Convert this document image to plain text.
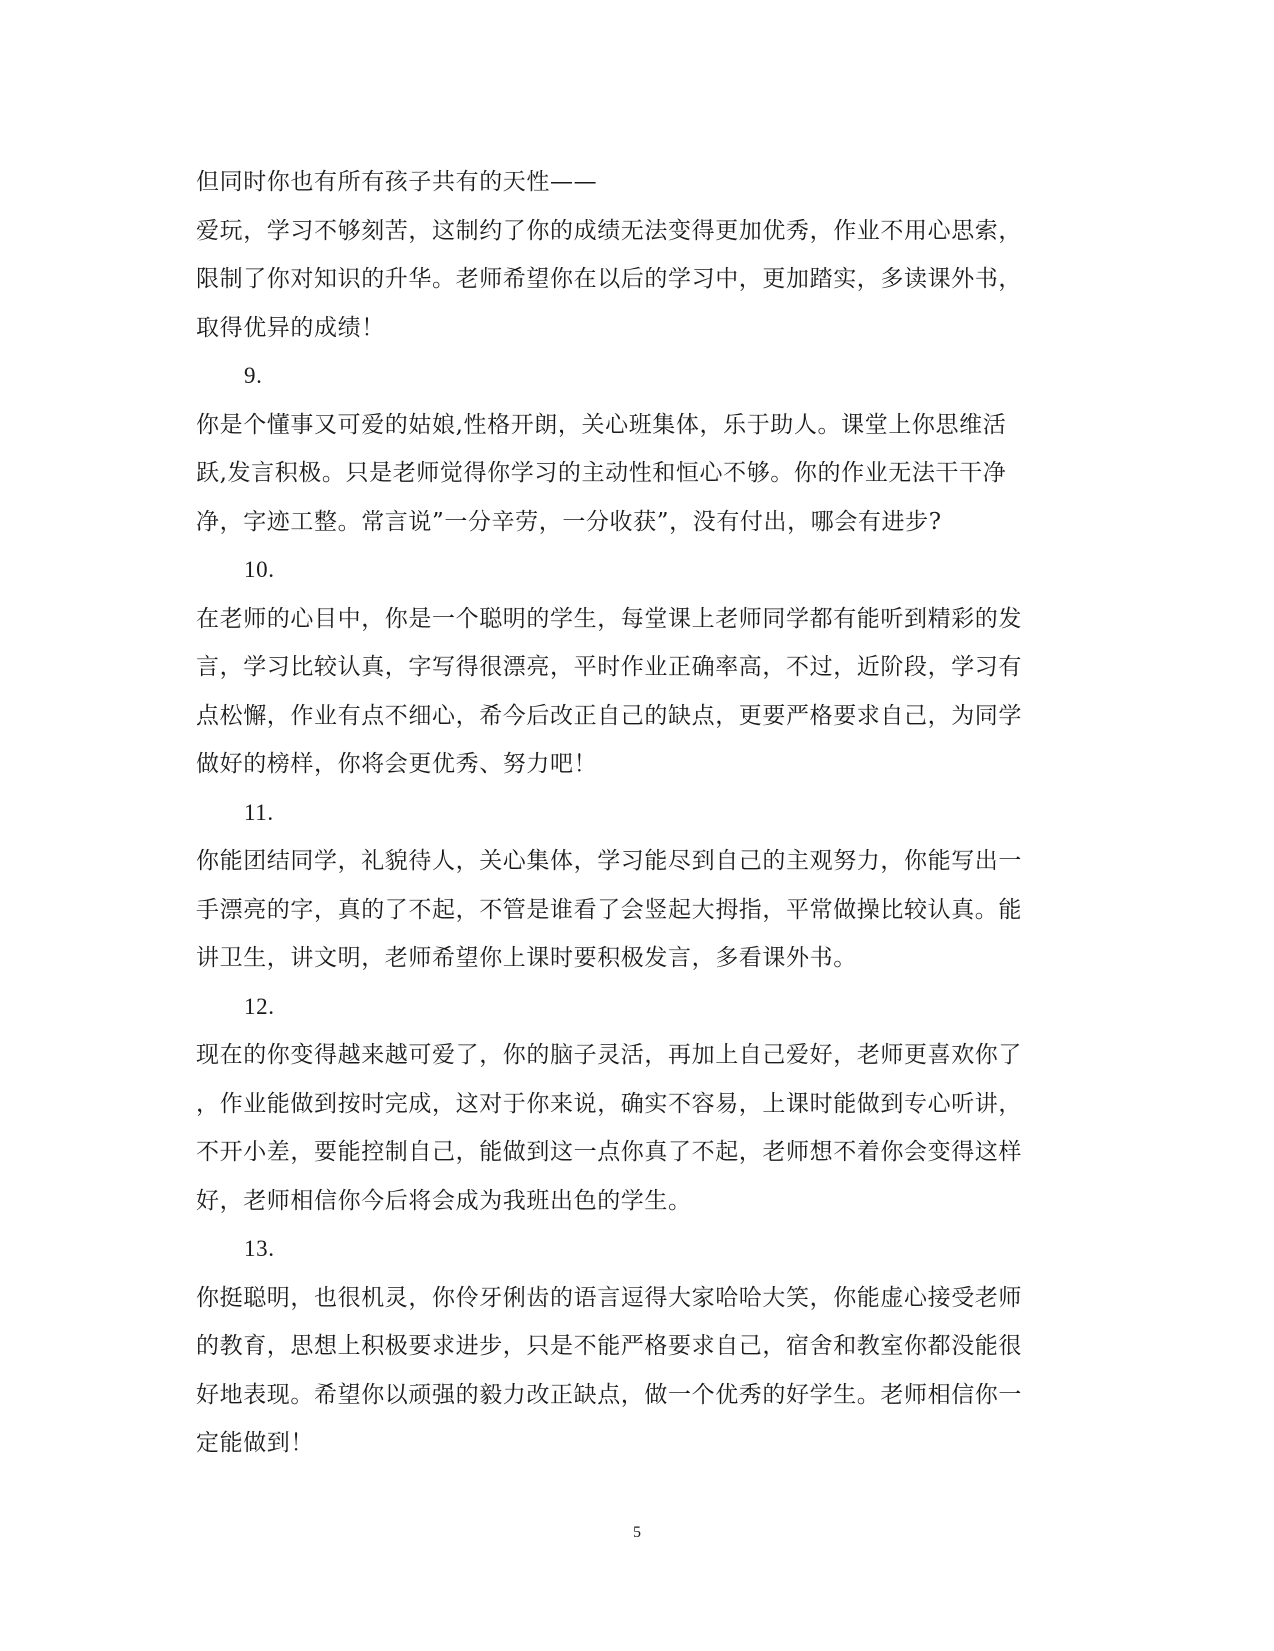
但同时你也有所有孩子共有的天性——
爱玩，学习不够刻苦，这制约了你的成绩无法变得更加优秀，作业不用心思索，
限制了你对知识的升华。老师希望你在以后的学习中，更加踏实，多读课外书，
取得优异的成绩！
9.
你是个懂事又可爱的姑娘,性格开朗，关心班集体，乐于助人。课堂上你思维活
跃,发言积极。只是老师觉得你学习的主动性和恒心不够。你的作业无法干干净
净，字迹工整。常言说”一分辛劳，一分收获”，没有付出，哪会有进步?
10.
在老师的心目中，你是一个聪明的学生，每堂课上老师同学都有能听到精彩的发
言，学习比较认真，字写得很漂亮，平时作业正确率高，不过，近阶段，学习有
点松懈，作业有点不细心，希今后改正自己的缺点，更要严格要求自己，为同学
做好的榜样，你将会更优秀、努力吧！
11.
你能团结同学，礼貌待人，关心集体，学习能尽到自己的主观努力，你能写出一
手漂亮的字，真的了不起，不管是谁看了会竖起大拇指，平常做操比较认真。能
讲卫生，讲文明，老师希望你上课时要积极发言，多看课外书。
12.
现在的你变得越来越可爱了，你的脑子灵活，再加上自己爱好，老师更喜欢你了
，作业能做到按时完成，这对于你来说，确实不容易，上课时能做到专心听讲，
不开小差，要能控制自己，能做到这一点你真了不起，老师想不着你会变得这样
好，老师相信你今后将会成为我班出色的学生。
13.
你挺聪明，也很机灵，你伶牙俐齿的语言逗得大家哈哈大笑，你能虚心接受老师
的教育，思想上积极要求进步，只是不能严格要求自己，宿舍和教室你都没能很
好地表现。希望你以顽强的毅力改正缺点，做一个优秀的好学生。老师相信你一
定能做到！
5
